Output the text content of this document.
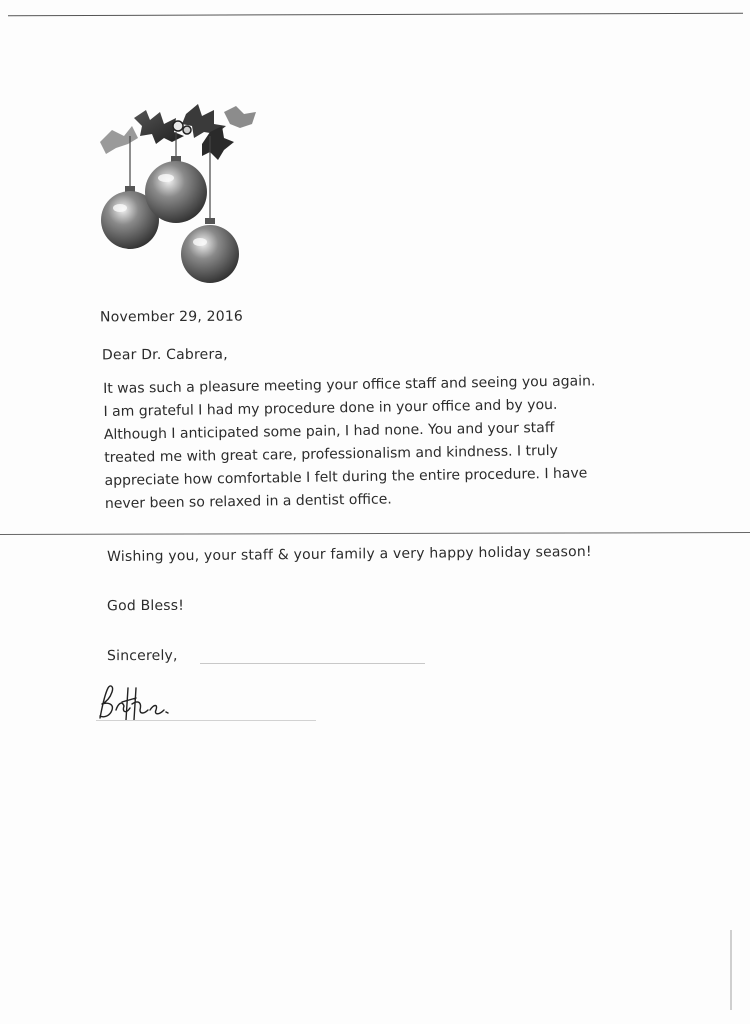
November 29, 2016
Dear Dr. Cabrera,
It was such a pleasure meeting your office staff and seeing you again.
I am grateful I had my procedure done in your office and by you.
Although I anticipated some pain, I had none. You and your staff
treated me with great care, professionalism and kindness. I truly
appreciate how comfortable I felt during the entire procedure. I have
never been so relaxed in a dentist office.
Wishing you, your staff & your family a very happy holiday season!
God Bless!
Sincerely,
